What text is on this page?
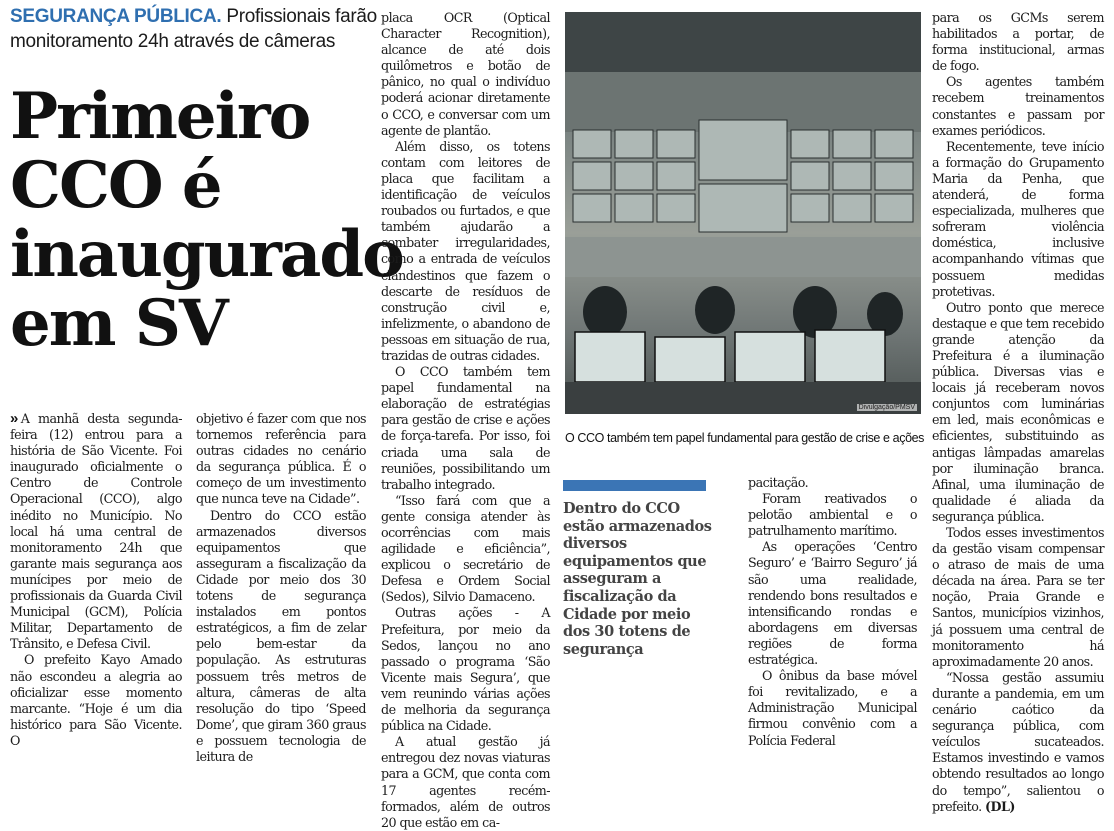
SEGURANÇA PÚBLICA. Profissionais farão monitoramento 24h através de câmeras
Primeiro CCO é inaugurado em SV

» A manhã desta segunda-feira (12) entrou para a história de São Vicente. Foi inaugurado oficialmente o Centro de Controle Operacional (CCO), algo inédito no Município. No local há uma central de monitoramento 24h que garante mais segurança aos munícipes por meio de profissionais da Guarda Civil Municipal (GCM), Polícia Militar, Departamento de Trânsito, e Defesa Civil.

O prefeito Kayo Amado não escondeu a alegria ao oficializar esse momento marcante. “Hoje é um dia histórico para São Vicente. O

objetivo é fazer com que nos tornemos referência para outras cidades no cenário da segurança pública. É o começo de um investimento que nunca teve na Cidade”.

Dentro do CCO estão armazenados diversos equipamentos que asseguram a fiscalização da Cidade por meio dos 30 totens de segurança instalados em pontos estratégicos, a fim de zelar pelo bem-estar da população. As estruturas possuem três metros de altura, câmeras de alta resolução do tipo ‘Speed Dome’, que giram 360 graus e possuem tecnologia de leitura de

placa OCR (Optical Character Recognition), alcance de até dois quilômetros e botão de pânico, no qual o indivíduo poderá acionar diretamente o CCO, e conversar com um agente de plantão.

Além disso, os totens contam com leitores de placa que facilitam a identificação de veículos roubados ou furtados, e que também ajudarão a combater irregularidades, como a entrada de veículos clandestinos que fazem o descarte de resíduos de construção civil e, infelizmente, o abandono de pessoas em situação de rua, trazidas de outras cidades.

O CCO também tem papel fundamental na elaboração de estratégias para gestão de crise e ações de força-tarefa. Por isso, foi criada uma sala de reuniões, possibilitando um trabalho integrado.

“Isso fará com que a gente consiga atender às ocorrências com mais agilidade e eficiência”, explicou o secretário de Defesa e Ordem Social (Sedos), Silvio Damaceno.

Outras ações - A Prefeitura, por meio da Sedos, lançou no ano passado o programa ‘São Vicente mais Segura’, que vem reunindo várias ações de melhoria da segurança pública na Cidade.

A atual gestão já entregou dez novas viaturas para a GCM, que conta com 17 agentes recém-formados, além de outros 20 que estão em ca-

Divulgação/PMSV
O CCO também tem papel fundamental para gestão de crise e ações
Dentro do CCO estão armazenados diversos equipamentos que asseguram a fiscalização da Cidade por meio dos 30 totens de segurança

pacitação.

Foram reativados o pelotão ambiental e o patrulhamento marítimo.

As operações ‘Centro Seguro’ e ‘Bairro Seguro’ já são uma realidade, rendendo bons resultados e intensificando rondas e abordagens em diversas regiões de forma estratégica.

O ônibus da base móvel foi revitalizado, e a Administração Municipal firmou convênio com a Polícia Federal

para os GCMs serem habilitados a portar, de forma institucional, armas de fogo.

Os agentes também recebem treinamentos constantes e passam por exames periódicos.

Recentemente, teve início a formação do Grupamento Maria da Penha, que atenderá, de forma especializada, mulheres que sofreram violência doméstica, inclusive acompanhando vítimas que possuem medidas protetivas.

Outro ponto que merece destaque e que tem recebido grande atenção da Prefeitura é a iluminação pública. Diversas vias e locais já receberam novos conjuntos com luminárias em led, mais econômicas e eficientes, substituindo as antigas lâmpadas amarelas por iluminação branca. Afinal, uma iluminação de qualidade é aliada da segurança pública.

Todos esses investimentos da gestão visam compensar o atraso de mais de uma década na área. Para se ter noção, Praia Grande e Santos, municípios vizinhos, já possuem uma central de monitoramento há aproximadamente 20 anos.

“Nossa gestão assumiu durante a pandemia, em um cenário caótico da segurança pública, com veículos sucateados. Estamos investindo e vamos obtendo resultados ao longo do tempo”, salientou o prefeito. (DL)
